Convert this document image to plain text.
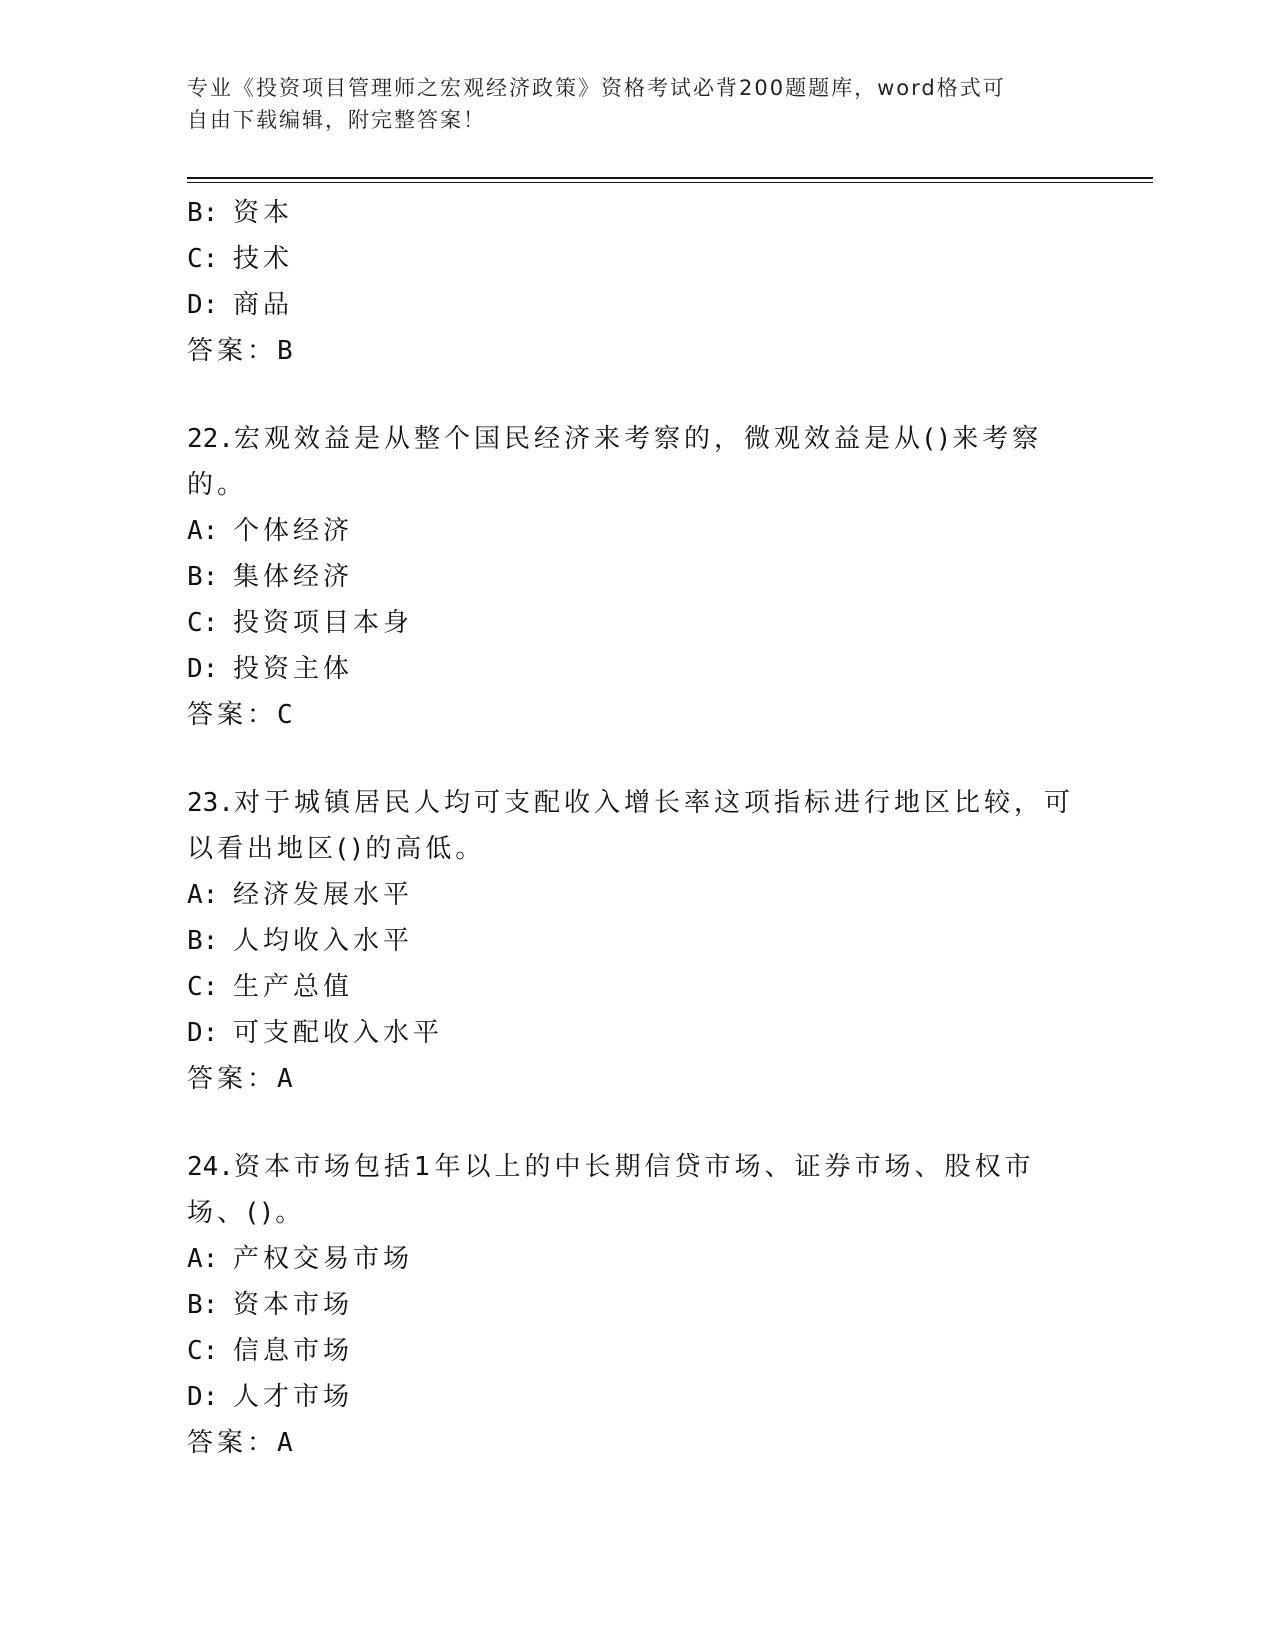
专业《投资项目管理师之宏观经济政策》资格考试必背200题题库，word格式可
自由下载编辑，附完整答案！
B: 资本
C: 技术
D: 商品
答案：B
22.宏观效益是从整个国民经济来考察的，微观效益是从()来考察的。
A: 个体经济
B: 集体经济
C: 投资项目本身
D: 投资主体
答案：C
23.对于城镇居民人均可支配收入增长率这项指标进行地区比较，可以看出地区()的高低。
A: 经济发展水平
B: 人均收入水平
C: 生产总值
D: 可支配收入水平
答案：A
24.资本市场包括1年以上的中长期信贷市场、证券市场、股权市场、()。
A: 产权交易市场
B: 资本市场
C: 信息市场
D: 人才市场
答案：A
